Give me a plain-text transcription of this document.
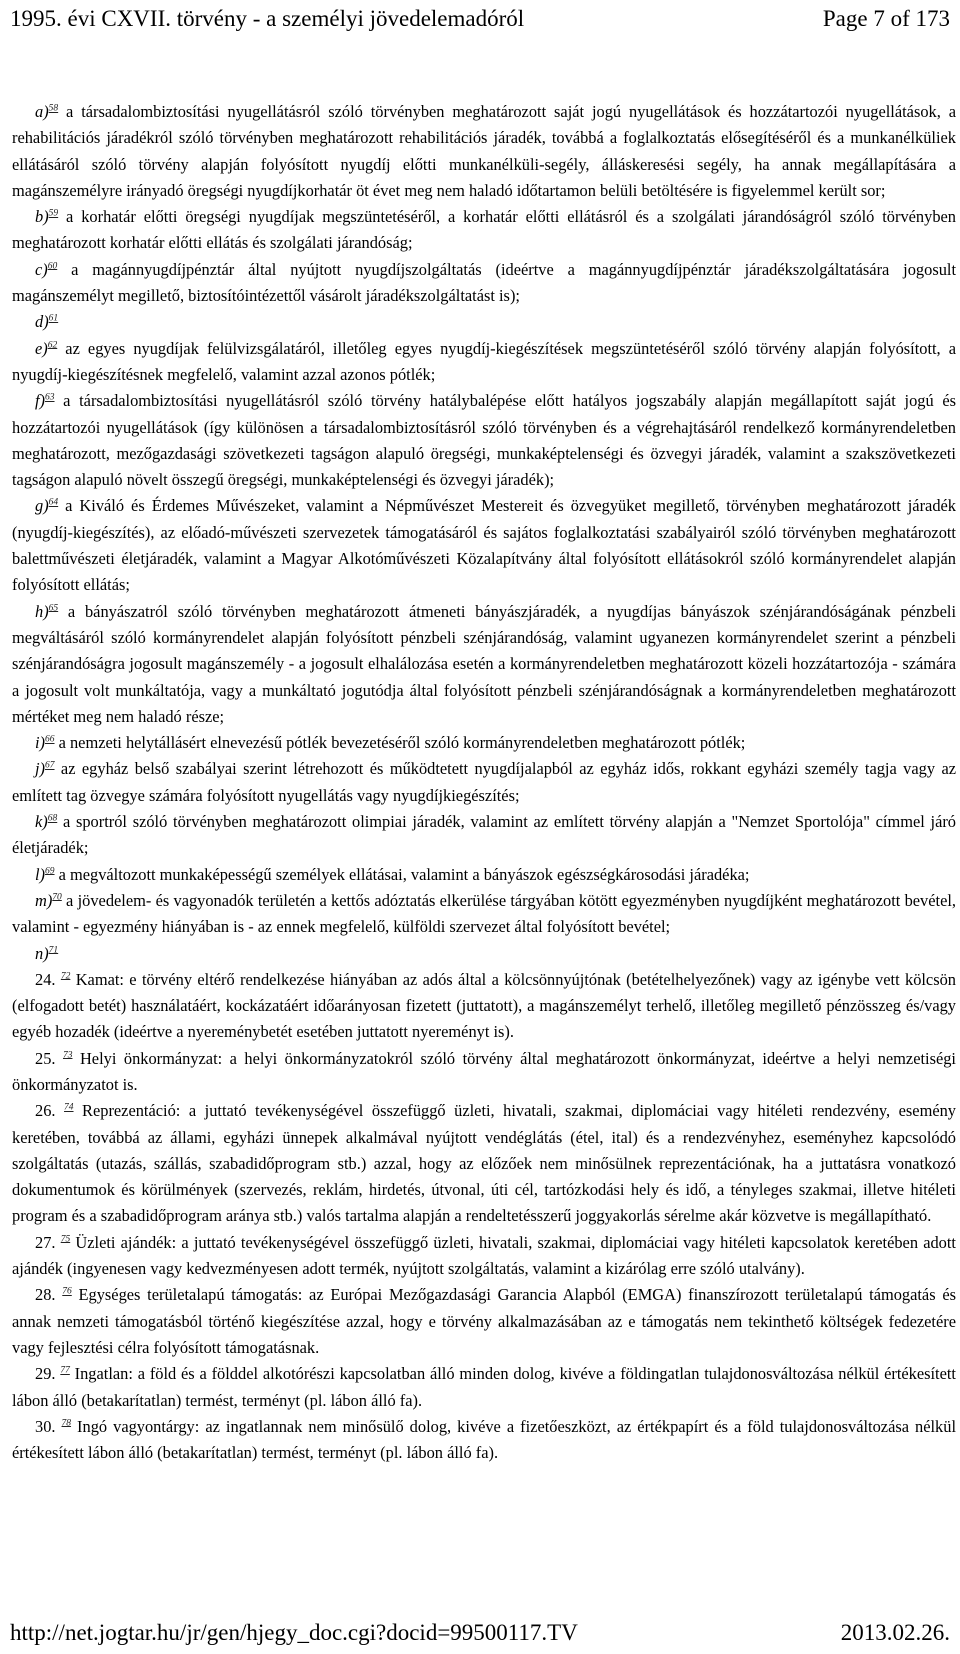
1995. évi CXVII. törvény - a személyi jövedelemadóról	Page 7 of 173

a)$^{58}$ a társadalombiztosítási nyugellátásról szóló törvényben meghatározott saját jogú nyugellátások és hozzátartozói nyugellátások, a rehabilitációs járadékról szóló törvényben meghatározott rehabilitációs járadék, továbbá a foglalkoztatás elősegítéséről és a munkanélküliek ellátásáról szóló törvény alapján folyósított nyugdíj előtti munkanélküli-segély, álláskeresési segély, ha annak megállapítására a magánszemélyre irányadó öregségi nyugdíjkorhatár öt évet meg nem haladó időtartamon belüli betöltésére is figyelemmel került sor;

b)$^{59}$ a korhatár előtti öregségi nyugdíjak megszüntetéséről, a korhatár előtti ellátásról és a szolgálati járandóságról szóló törvényben meghatározott korhatár előtti ellátás és szolgálati járandóság;

c)$^{60}$ a magánnyugdíjpénztár által nyújtott nyugdíjszolgáltatás (ideértve a magánnyugdíjpénztár járadékszolgáltatására jogosult magánszemélyt megillető, biztosítóintézettől vásárolt járadékszolgáltatást is);

d)$^{61}$

e)$^{62}$ az egyes nyugdíjak felülvizsgálatáról, illetőleg egyes nyugdíj-kiegészítések megszüntetéséről szóló törvény alapján folyósított, a nyugdíj-kiegészítésnek megfelelő, valamint azzal azonos pótlék;

f)$^{63}$ a társadalombiztosítási nyugellátásról szóló törvény hatálybalépése előtt hatályos jogszabály alapján megállapított saját jogú és hozzátartozói nyugellátások (így különösen a társadalombiztosításról szóló törvényben és a végrehajtásáról rendelkező kormányrendeletben meghatározott, mezőgazdasági szövetkezeti tagságon alapuló öregségi, munkaképtelenségi és özvegyi járadék, valamint a szakszövetkezeti tagságon alapuló növelt összegű öregségi, munkaképtelenségi és özvegyi járadék);

g)$^{64}$ a Kiváló és Érdemes Művészeket, valamint a Népművészet Mestereit és özvegyüket megillető, törvényben meghatározott járadék (nyugdíj-kiegészítés), az előadó-művészeti szervezetek támogatásáról és sajátos foglalkoztatási szabályairól szóló törvényben meghatározott balettművészeti életjáradék, valamint a Magyar Alkotóművészeti Közalapítvány által folyósított ellátásokról szóló kormányrendelet alapján folyósított ellátás;

h)$^{65}$ a bányászatról szóló törvényben meghatározott átmeneti bányászjáradék, a nyugdíjas bányászok szénjárandóságának pénzbeli megváltásáról szóló kormányrendelet alapján folyósított pénzbeli szénjárandóság, valamint ugyanezen kormányrendelet szerint a pénzbeli szénjárandóságra jogosult magánszemély - a jogosult elhalálozása esetén a kormányrendeletben meghatározott közeli hozzátartozója - számára a jogosult volt munkáltatója, vagy a munkáltató jogutódja által folyósított pénzbeli szénjárandóságnak a kormányrendeletben meghatározott mértéket meg nem haladó része;

i)$^{66}$ a nemzeti helytállásért elnevezésű pótlék bevezetéséről szóló kormányrendeletben meghatározott pótlék;

j)$^{67}$ az egyház belső szabályai szerint létrehozott és működtetett nyugdíjalapból az egyház idős, rokkant egyházi személy tagja vagy az említett tag özvegye számára folyósított nyugellátás vagy nyugdíjkiegészítés;

k)$^{68}$ a sportról szóló törvényben meghatározott olimpiai járadék, valamint az említett törvény alapján a "Nemzet Sportolója" címmel járó életjáradék;

l)$^{69}$ a megváltozott munkaképességű személyek ellátásai, valamint a bányászok egészségkárosodási járadéka;

m)$^{70}$ a jövedelem- és vagyonadók területén a kettős adóztatás elkerülése tárgyában kötött egyezményben nyugdíjként meghatározott bevétel, valamint - egyezmény hiányában is - az ennek megfelelő, külföldi szervezet által folyósított bevétel;

n)$^{71}$

24. $^{72}$ Kamat: e törvény eltérő rendelkezése hiányában az adós által a kölcsönnyújtónak (betételhelyezőnek) vagy az igénybe vett kölcsön (elfogadott betét) használatáért, kockázatáért időarányosan fizetett (juttatott), a magánszemélyt terhelő, illetőleg megillető pénzösszeg és/vagy egyéb hozadék (ideértve a nyereménybetét esetében juttatott nyereményt is).

25. $^{73}$ Helyi önkormányzat: a helyi önkormányzatokról szóló törvény által meghatározott önkormányzat, ideértve a helyi nemzetiségi önkormányzatot is.

26. $^{74}$ Reprezentáció: a juttató tevékenységével összefüggő üzleti, hivatali, szakmai, diplomáciai vagy hitéleti rendezvény, esemény keretében, továbbá az állami, egyházi ünnepek alkalmával nyújtott vendéglátás (étel, ital) és a rendezvényhez, eseményhez kapcsolódó szolgáltatás (utazás, szállás, szabadidőprogram stb.) azzal, hogy az előzőek nem minősülnek reprezentációnak, ha a juttatásra vonatkozó dokumentumok és körülmények (szervezés, reklám, hirdetés, útvonal, úti cél, tartózkodási hely és idő, a tényleges szakmai, illetve hitéleti program és a szabadidőprogram aránya stb.) valós tartalma alapján a rendeltetésszerű joggyakorlás sérelme akár közvetve is megállapítható.

27. $^{75}$ Üzleti ajándék: a juttató tevékenységével összefüggő üzleti, hivatali, szakmai, diplomáciai vagy hitéleti kapcsolatok keretében adott ajándék (ingyenesen vagy kedvezményesen adott termék, nyújtott szolgáltatás, valamint a kizárólag erre szóló utalvány).

28. $^{76}$ Egységes területalapú támogatás: az Európai Mezőgazdasági Garancia Alapból (EMGA) finanszírozott területalapú támogatás és annak nemzeti támogatásból történő kiegészítése azzal, hogy e törvény alkalmazásában az e támogatás nem tekinthető költségek fedezetére vagy fejlesztési célra folyósított támogatásnak.

29. $^{77}$ Ingatlan: a föld és a földdel alkotórészi kapcsolatban álló minden dolog, kivéve a földingatlan tulajdonosváltozása nélkül értékesített lábon álló (betakarítatlan) termést, terményt (pl. lábon álló fa).

30. $^{78}$ Ingó vagyontárgy: az ingatlannak nem minősülő dolog, kivéve a fizetőeszközt, az értékpapírt és a föld tulajdonosváltozása nélkül értékesített lábon álló (betakarítatlan) termést, terményt (pl. lábon álló fa).

http://net.jogtar.hu/jr/gen/hjegy_doc.cgi?docid=99500117.TV	2013.02.26.
